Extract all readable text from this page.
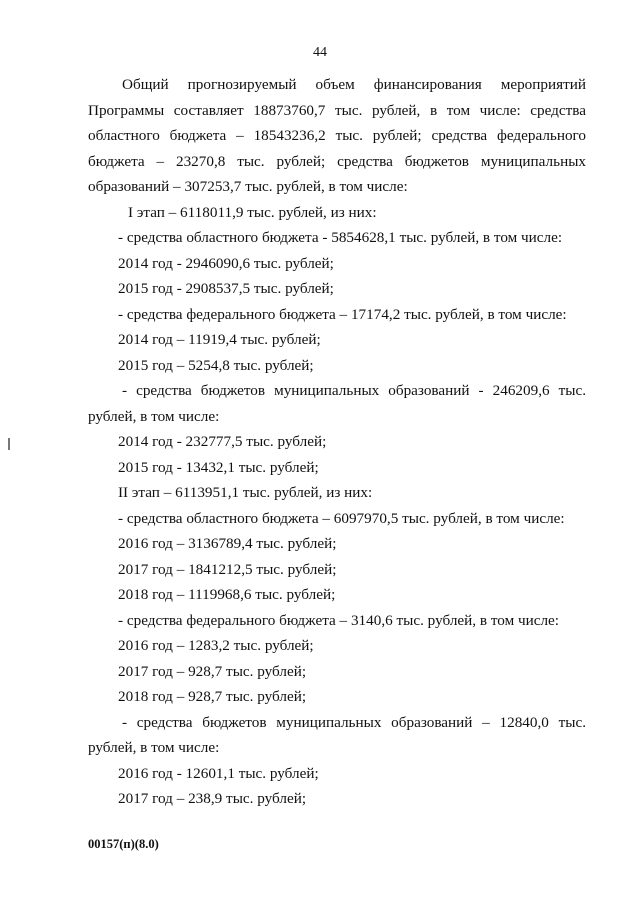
44

Общий прогнозируемый объем финансирования мероприятий Программы составляет 18873760,7 тыс. рублей, в том числе: средства областного бюджета – 18543236,2 тыс. рублей; средства федерального бюджета – 23270,8 тыс. рублей; средства бюджетов муниципальных образований – 307253,7 тыс. рублей, в том числе:

I этап – 6118011,9 тыс. рублей, из них:

- средства областного бюджета - 5854628,1 тыс. рублей, в том числе:

2014 год - 2946090,6 тыс. рублей;

2015 год - 2908537,5 тыс. рублей;

- средства федерального бюджета – 17174,2 тыс. рублей, в том числе:

2014 год – 11919,4 тыс. рублей;

2015 год – 5254,8 тыс. рублей;

- средства бюджетов муниципальных образований - 246209,6 тыс. рублей, в том числе:

2014 год - 232777,5 тыс. рублей;

2015 год - 13432,1 тыс. рублей;

II этап – 6113951,1 тыс. рублей, из них:

- средства областного бюджета – 6097970,5 тыс. рублей, в том числе:

2016 год – 3136789,4 тыс. рублей;

2017 год – 1841212,5 тыс. рублей;

2018 год – 1119968,6 тыс. рублей;

- средства федерального бюджета – 3140,6 тыс. рублей, в том числе:

2016 год – 1283,2 тыс. рублей;

2017 год – 928,7 тыс. рублей;

2018 год – 928,7 тыс. рублей;

- средства бюджетов муниципальных образований – 12840,0 тыс. рублей, в том числе:

2016 год - 12601,1 тыс. рублей;

2017 год – 238,9 тыс. рублей;

00157(п)(8.0)
